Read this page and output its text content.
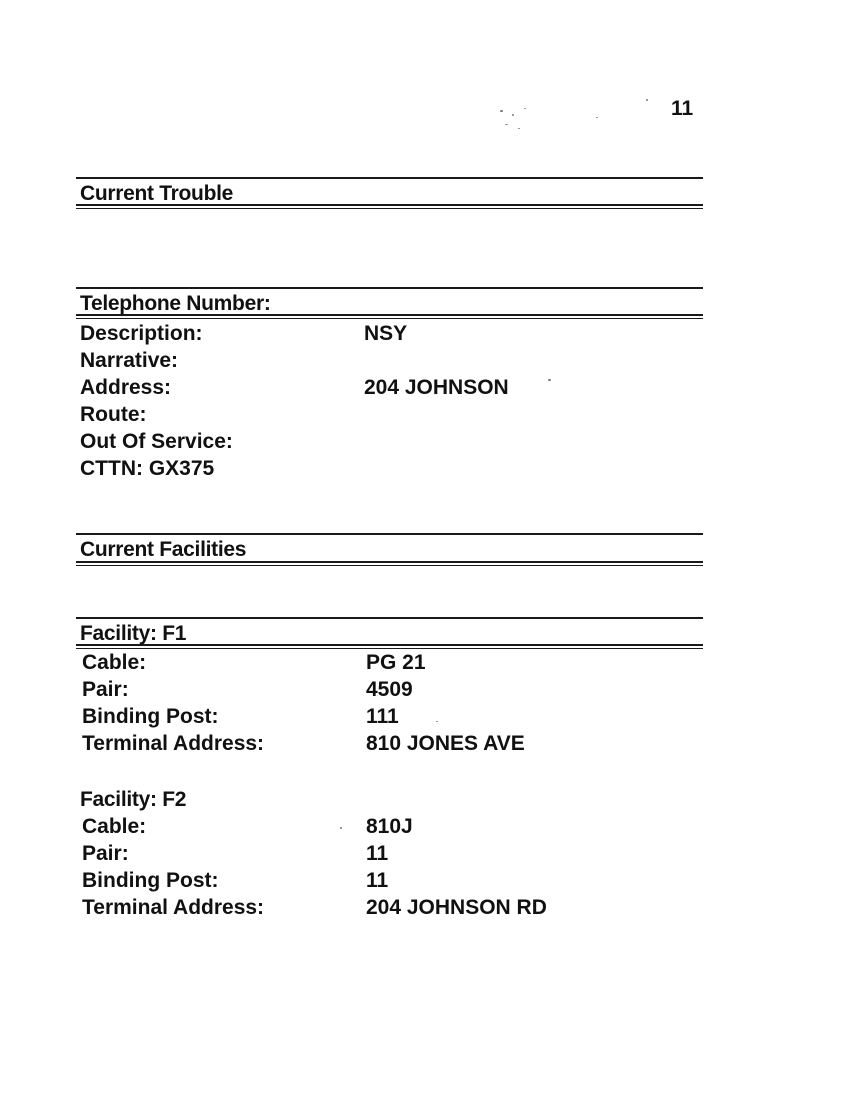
11
Current Trouble
Telephone Number:
Description:	NSY
Narrative:
Address:	204 JOHNSON
Route:
Out Of Service:
CTTN: GX375
Current Facilities
Facility: F1
Cable:	PG 21
Pair:	4509
Binding Post:	111
Terminal Address:	810 JONES AVE
Facility: F2
Cable:	810J
Pair:	11
Binding Post:	11
Terminal Address:	204 JOHNSON RD
